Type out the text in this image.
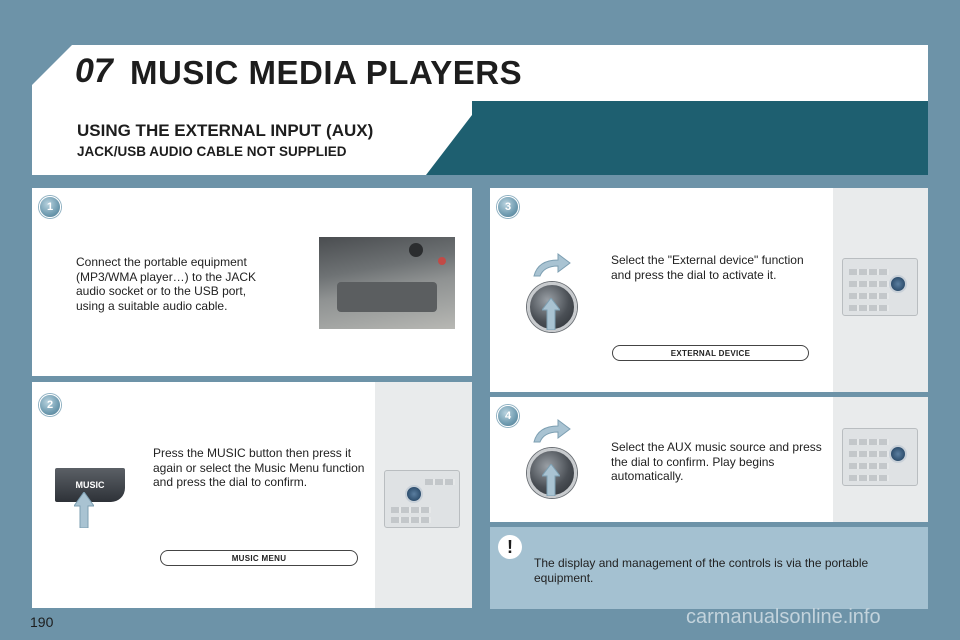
07 MUSIC MEDIA PLAYERS
USING THE EXTERNAL INPUT (AUX)
JACK/USB AUDIO CABLE NOT SUPPLIED
1
Connect the portable equipment (MP3/WMA player…) to the JACK audio socket or to the USB port, using a suitable audio cable.
2
Press the MUSIC button then press it again or select the Music Menu function and press the dial to confirm.
MUSIC
MUSIC MENU
3
Select the "External device" function and press the dial to activate it.
EXTERNAL DEVICE
4
Select the AUX music source and press the dial to confirm. Play begins automatically.
!
The display and management of the controls is via the portable equipment.
190	carmanualsonline.info
